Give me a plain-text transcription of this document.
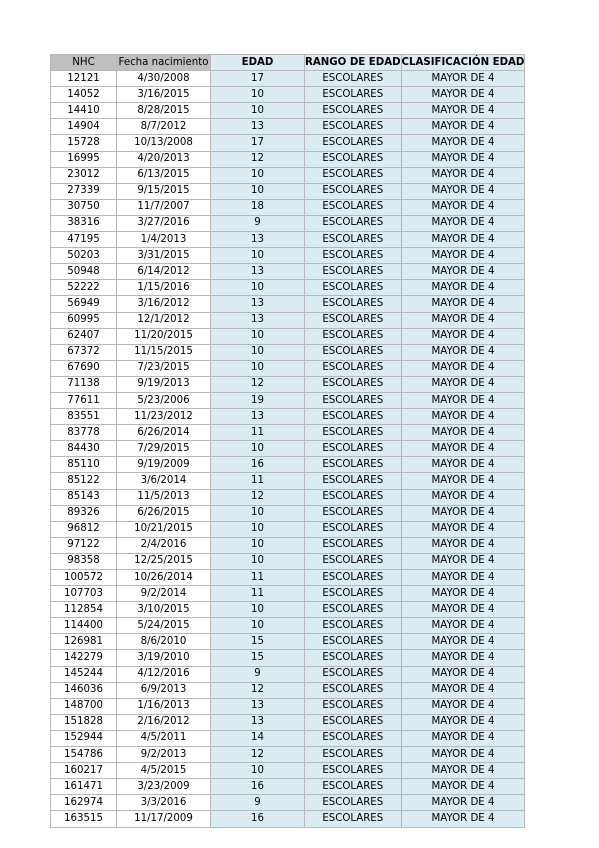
NHC	Fecha nacimiento	EDAD	RANGO DE EDAD	CLASIFICACIÓN EDAD
12121	4/30/2008	17	ESCOLARES	MAYOR DE 4
14052	3/16/2015	10	ESCOLARES	MAYOR DE 4
14410	8/28/2015	10	ESCOLARES	MAYOR DE 4
14904	8/7/2012	13	ESCOLARES	MAYOR DE 4
15728	10/13/2008	17	ESCOLARES	MAYOR DE 4
16995	4/20/2013	12	ESCOLARES	MAYOR DE 4
23012	6/13/2015	10	ESCOLARES	MAYOR DE 4
27339	9/15/2015	10	ESCOLARES	MAYOR DE 4
30750	11/7/2007	18	ESCOLARES	MAYOR DE 4
38316	3/27/2016	9	ESCOLARES	MAYOR DE 4
47195	1/4/2013	13	ESCOLARES	MAYOR DE 4
50203	3/31/2015	10	ESCOLARES	MAYOR DE 4
50948	6/14/2012	13	ESCOLARES	MAYOR DE 4
52222	1/15/2016	10	ESCOLARES	MAYOR DE 4
56949	3/16/2012	13	ESCOLARES	MAYOR DE 4
60995	12/1/2012	13	ESCOLARES	MAYOR DE 4
62407	11/20/2015	10	ESCOLARES	MAYOR DE 4
67372	11/15/2015	10	ESCOLARES	MAYOR DE 4
67690	7/23/2015	10	ESCOLARES	MAYOR DE 4
71138	9/19/2013	12	ESCOLARES	MAYOR DE 4
77611	5/23/2006	19	ESCOLARES	MAYOR DE 4
83551	11/23/2012	13	ESCOLARES	MAYOR DE 4
83778	6/26/2014	11	ESCOLARES	MAYOR DE 4
84430	7/29/2015	10	ESCOLARES	MAYOR DE 4
85110	9/19/2009	16	ESCOLARES	MAYOR DE 4
85122	3/6/2014	11	ESCOLARES	MAYOR DE 4
85143	11/5/2013	12	ESCOLARES	MAYOR DE 4
89326	6/26/2015	10	ESCOLARES	MAYOR DE 4
96812	10/21/2015	10	ESCOLARES	MAYOR DE 4
97122	2/4/2016	10	ESCOLARES	MAYOR DE 4
98358	12/25/2015	10	ESCOLARES	MAYOR DE 4
100572	10/26/2014	11	ESCOLARES	MAYOR DE 4
107703	9/2/2014	11	ESCOLARES	MAYOR DE 4
112854	3/10/2015	10	ESCOLARES	MAYOR DE 4
114400	5/24/2015	10	ESCOLARES	MAYOR DE 4
126981	8/6/2010	15	ESCOLARES	MAYOR DE 4
142279	3/19/2010	15	ESCOLARES	MAYOR DE 4
145244	4/12/2016	9	ESCOLARES	MAYOR DE 4
146036	6/9/2013	12	ESCOLARES	MAYOR DE 4
148700	1/16/2013	13	ESCOLARES	MAYOR DE 4
151828	2/16/2012	13	ESCOLARES	MAYOR DE 4
152944	4/5/2011	14	ESCOLARES	MAYOR DE 4
154786	9/2/2013	12	ESCOLARES	MAYOR DE 4
160217	4/5/2015	10	ESCOLARES	MAYOR DE 4
161471	3/23/2009	16	ESCOLARES	MAYOR DE 4
162974	3/3/2016	9	ESCOLARES	MAYOR DE 4
163515	11/17/2009	16	ESCOLARES	MAYOR DE 4
